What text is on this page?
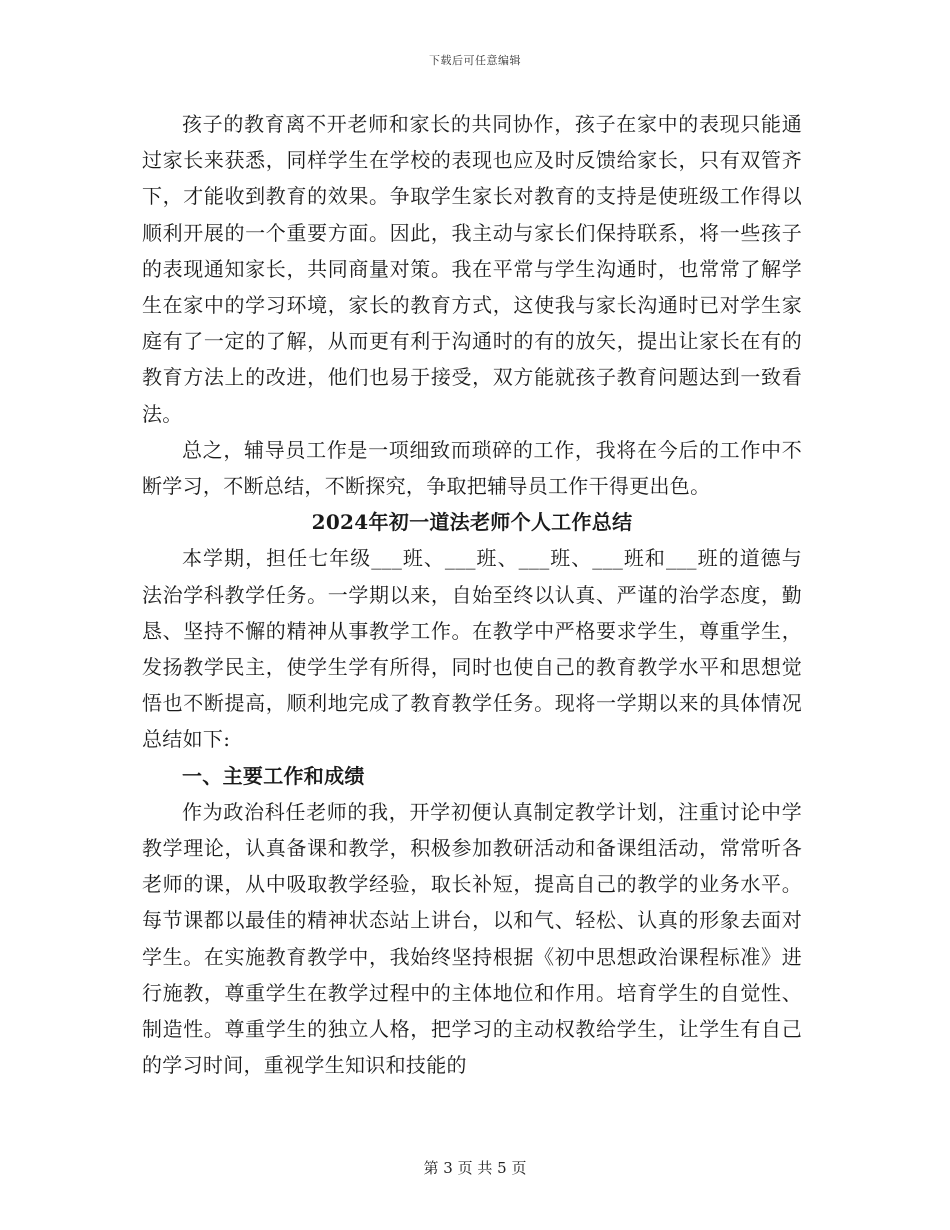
下载后可任意编辑

孩子的教育离不开老师和家长的共同协作，孩子在家中的表现只能通过家长来获悉，同样学生在学校的表现也应及时反馈给家长，只有双管齐下，才能收到教育的效果。争取学生家长对教育的支持是使班级工作得以顺利开展的一个重要方面。因此，我主动与家长们保持联系，将一些孩子的表现通知家长，共同商量对策。我在平常与学生沟通时，也常常了解学生在家中的学习环境，家长的教育方式，这使我与家长沟通时已对学生家庭有了一定的了解，从而更有利于沟通时的有的放矢，提出让家长在有的教育方法上的改进，他们也易于接受，双方能就孩子教育问题达到一致看法。

总之，辅导员工作是一项细致而琐碎的工作，我将在今后的工作中不断学习，不断总结，不断探究，争取把辅导员工作干得更出色。

2024年初一道法老师个人工作总结

本学期，担任七年级___班、___班、___班、___班和___班的道德与法治学科教学任务。一学期以来，自始至终以认真、严谨的治学态度，勤恳、坚持不懈的精神从事教学工作。在教学中严格要求学生，尊重学生，发扬教学民主，使学生学有所得，同时也使自己的教育教学水平和思想觉悟也不断提高，顺利地完成了教育教学任务。现将一学期以来的具体情况总结如下:

一、主要工作和成绩

作为政治科任老师的我，开学初便认真制定教学计划，注重讨论中学教学理论，认真备课和教学，积极参加教研活动和备课组活动，常常听各老师的课，从中吸取教学经验，取长补短，提高自己的教学的业务水平。每节课都以最佳的精神状态站上讲台，以和气、轻松、认真的形象去面对学生。在实施教育教学中，我始终坚持根据《初中思想政治课程标准》进行施教，尊重学生在教学过程中的主体地位和作用。培育学生的自觉性、制造性。尊重学生的独立人格，把学习的主动权教给学生，让学生有自己的学习时间，重视学生知识和技能的

第 3 页 共 5 页
